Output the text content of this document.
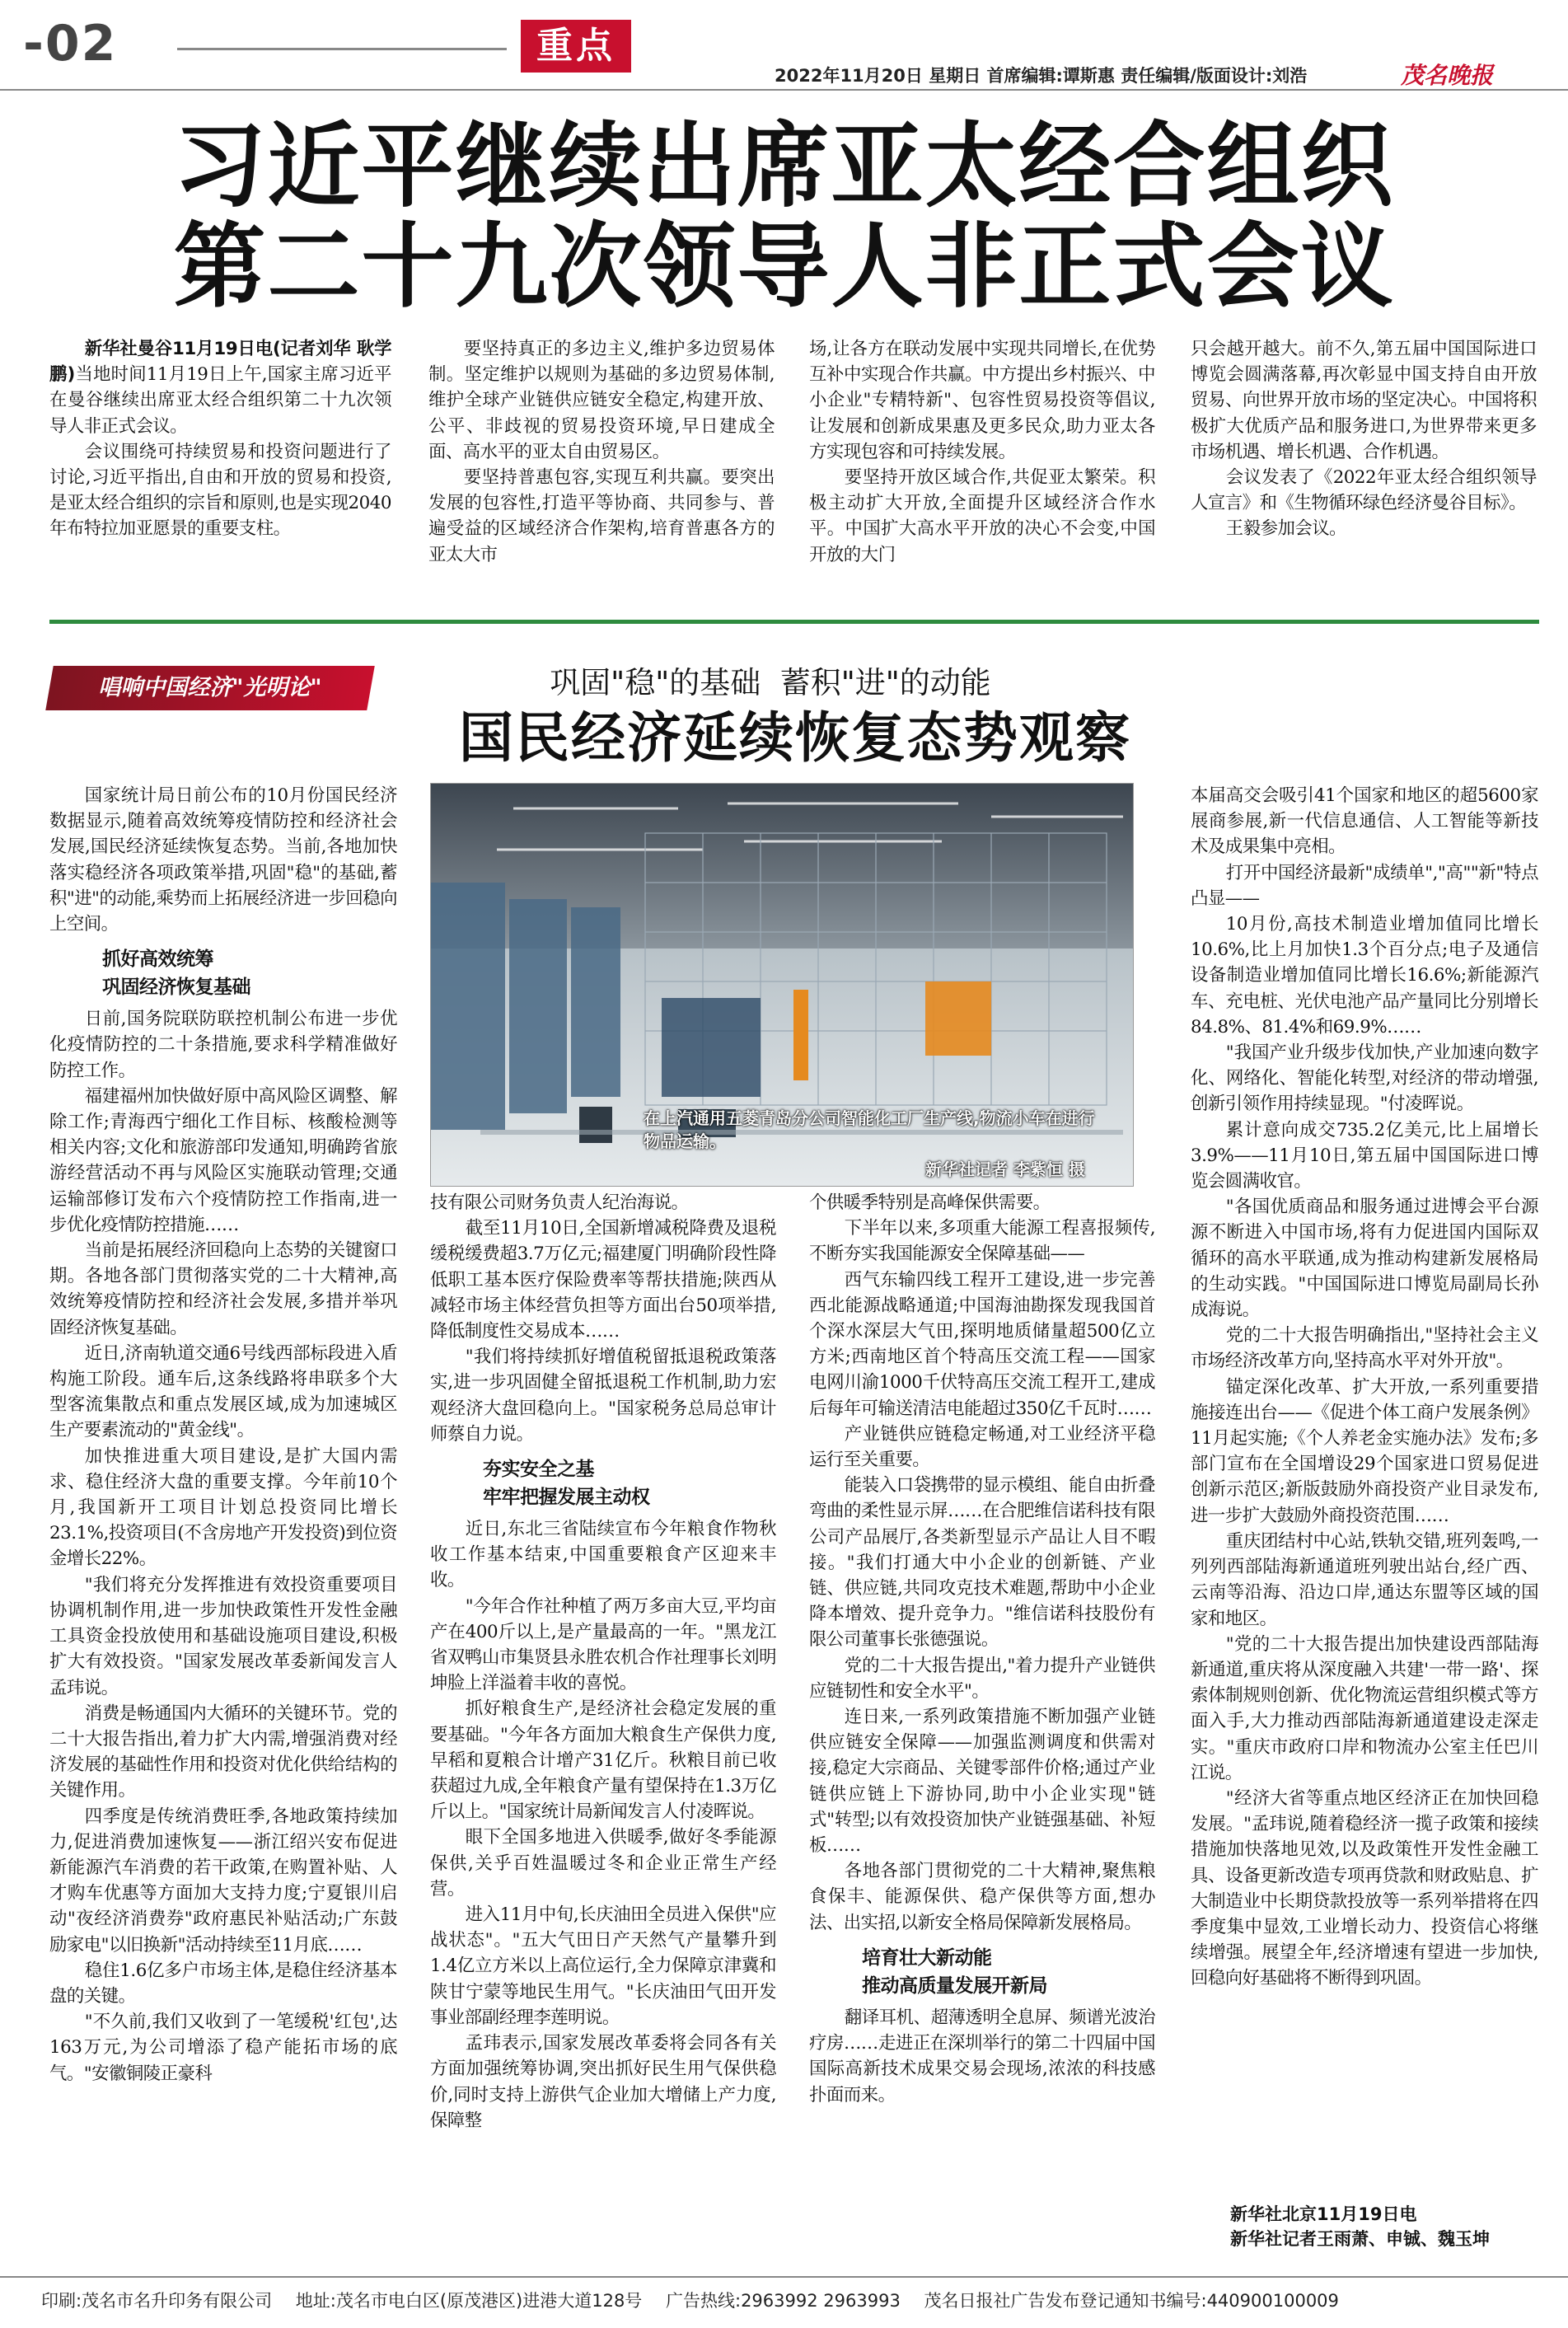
-02	重点
2022年11月20日 星期日 首席编辑:谭斯惠 责任编辑/版面设计:刘浩	茂名晚报
习近平继续出席亚太经合组织
第二十九次领导人非正式会议

新华社曼谷11月19日电(记者刘华 耿学鹏)当地时间11月19日上午,国家主席习近平在曼谷继续出席亚太经合组织第二十九次领导人非正式会议。

会议围绕可持续贸易和投资问题进行了讨论,习近平指出,自由和开放的贸易和投资,是亚太经合组织的宗旨和原则,也是实现2040年布特拉加亚愿景的重要支柱。

要坚持真正的多边主义,维护多边贸易体制。坚定维护以规则为基础的多边贸易体制,维护全球产业链供应链安全稳定,构建开放、公平、非歧视的贸易投资环境,早日建成全面、高水平的亚太自由贸易区。

要坚持普惠包容,实现互利共赢。要突出发展的包容性,打造平等协商、共同参与、普遍受益的区域经济合作架构,培育普惠各方的亚太大市

场,让各方在联动发展中实现共同增长,在优势互补中实现合作共赢。中方提出乡村振兴、中小企业"专精特新"、包容性贸易投资等倡议,让发展和创新成果惠及更多民众,助力亚太各方实现包容和可持续发展。

要坚持开放区域合作,共促亚太繁荣。积极主动扩大开放,全面提升区域经济合作水平。中国扩大高水平开放的决心不会变,中国开放的大门

只会越开越大。前不久,第五届中国国际进口博览会圆满落幕,再次彰显中国支持自由开放贸易、向世界开放市场的坚定决心。中国将积极扩大优质产品和服务进口,为世界带来更多市场机遇、增长机遇、合作机遇。

会议发表了《2022年亚太经合组织领导人宣言》和《生物循环绿色经济曼谷目标》。

王毅参加会议。

唱响中国经济"光明论"	巩固"稳"的基础  蓄积"进"的动能
国民经济延续恢复态势观察
在上汽通用五菱青岛分公司智能化工厂生产线,物流小车在进行物品运输。
新华社记者 李紫恒 摄

国家统计局日前公布的10月份国民经济数据显示,随着高效统筹疫情防控和经济社会发展,国民经济延续恢复态势。当前,各地加快落实稳经济各项政策举措,巩固"稳"的基础,蓄积"进"的动能,乘势而上拓展经济进一步回稳向上空间。

抓好高效统筹
巩固经济恢复基础

日前,国务院联防联控机制公布进一步优化疫情防控的二十条措施,要求科学精准做好防控工作。

福建福州加快做好原中高风险区调整、解除工作;青海西宁细化工作目标、核酸检测等相关内容;文化和旅游部印发通知,明确跨省旅游经营活动不再与风险区实施联动管理;交通运输部修订发布六个疫情防控工作指南,进一步优化疫情防控措施……

当前是拓展经济回稳向上态势的关键窗口期。各地各部门贯彻落实党的二十大精神,高效统筹疫情防控和经济社会发展,多措并举巩固经济恢复基础。

近日,济南轨道交通6号线西部标段进入盾构施工阶段。通车后,这条线路将串联多个大型客流集散点和重点发展区域,成为加速城区生产要素流动的"黄金线"。

加快推进重大项目建设,是扩大国内需求、稳住经济大盘的重要支撑。今年前10个月,我国新开工项目计划总投资同比增长23.1%,投资项目(不含房地产开发投资)到位资金增长22%。

"我们将充分发挥推进有效投资重要项目协调机制作用,进一步加快政策性开发性金融工具资金投放使用和基础设施项目建设,积极扩大有效投资。"国家发展改革委新闻发言人孟玮说。

消费是畅通国内大循环的关键环节。党的二十大报告指出,着力扩大内需,增强消费对经济发展的基础性作用和投资对优化供给结构的关键作用。

四季度是传统消费旺季,各地政策持续加力,促进消费加速恢复——浙江绍兴安布促进新能源汽车消费的若干政策,在购置补贴、人才购车优惠等方面加大支持力度;宁夏银川启动"夜经济消费券"政府惠民补贴活动;广东鼓励家电"以旧换新"活动持续至11月底……

稳住1.6亿多户市场主体,是稳住经济基本盘的关键。

"不久前,我们又收到了一笔缓税'红包',达163万元,为公司增添了稳产能拓市场的底气。"安徽铜陵正豪科

技有限公司财务负责人纪治海说。

截至11月10日,全国新增减税降费及退税缓税缓费超3.7万亿元;福建厦门明确阶段性降低职工基本医疗保险费率等帮扶措施;陕西从减轻市场主体经营负担等方面出台50项举措,降低制度性交易成本……

"我们将持续抓好增值税留抵退税政策落实,进一步巩固健全留抵退税工作机制,助力宏观经济大盘回稳向上。"国家税务总局总审计师蔡自力说。

夯实安全之基
牢牢把握发展主动权

近日,东北三省陆续宣布今年粮食作物秋收工作基本结束,中国重要粮食产区迎来丰收。

"今年合作社种植了两万多亩大豆,平均亩产在400斤以上,是产量最高的一年。"黑龙江省双鸭山市集贤县永胜农机合作社理事长刘明坤脸上洋溢着丰收的喜悦。

抓好粮食生产,是经济社会稳定发展的重要基础。"今年各方面加大粮食生产保供力度,早稻和夏粮合计增产31亿斤。秋粮目前已收获超过九成,全年粮食产量有望保持在1.3万亿斤以上。"国家统计局新闻发言人付凌晖说。

眼下全国多地进入供暖季,做好冬季能源保供,关乎百姓温暖过冬和企业正常生产经营。

进入11月中旬,长庆油田全员进入保供"应战状态"。"五大气田日产天然气产量攀升到1.4亿立方米以上高位运行,全力保障京津冀和陕甘宁蒙等地民生用气。"长庆油田气田开发事业部副经理李莲明说。

孟玮表示,国家发展改革委将会同各有关方面加强统筹协调,突出抓好民生用气保供稳价,同时支持上游供气企业加大增储上产力度,保障整

个供暖季特别是高峰保供需要。

下半年以来,多项重大能源工程喜报频传,不断夯实我国能源安全保障基础——

西气东输四线工程开工建设,进一步完善西北能源战略通道;中国海油勘探发现我国首个深水深层大气田,探明地质储量超500亿立方米;西南地区首个特高压交流工程——国家电网川渝1000千伏特高压交流工程开工,建成后每年可输送清洁电能超过350亿千瓦时……

产业链供应链稳定畅通,对工业经济平稳运行至关重要。

能装入口袋携带的显示模组、能自由折叠弯曲的柔性显示屏……在合肥维信诺科技有限公司产品展厅,各类新型显示产品让人目不暇接。"我们打通大中小企业的创新链、产业链、供应链,共同攻克技术难题,帮助中小企业降本增效、提升竞争力。"维信诺科技股份有限公司董事长张德强说。

党的二十大报告提出,"着力提升产业链供应链韧性和安全水平"。

连日来,一系列政策措施不断加强产业链供应链安全保障——加强监测调度和供需对接,稳定大宗商品、关键零部件价格;通过产业链供应链上下游协同,助中小企业实现"链式"转型;以有效投资加快产业链强基础、补短板……

各地各部门贯彻党的二十大精神,聚焦粮食保丰、能源保供、稳产保供等方面,想办法、出实招,以新安全格局保障新发展格局。

培育壮大新动能
推动高质量发展开新局

翻译耳机、超薄透明全息屏、频谱光波治疗房……走进正在深圳举行的第二十四届中国国际高新技术成果交易会现场,浓浓的科技感扑面而来。

本届高交会吸引41个国家和地区的超5600家展商参展,新一代信息通信、人工智能等新技术及成果集中亮相。

打开中国经济最新"成绩单","高""新"特点凸显——

10月份,高技术制造业增加值同比增长10.6%,比上月加快1.3个百分点;电子及通信设备制造业增加值同比增长16.6%;新能源汽车、充电桩、光伏电池产品产量同比分别增长84.8%、81.4%和69.9%……

"我国产业升级步伐加快,产业加速向数字化、网络化、智能化转型,对经济的带动增强,创新引领作用持续显现。"付凌晖说。

累计意向成交735.2亿美元,比上届增长3.9%——11月10日,第五届中国国际进口博览会圆满收官。

"各国优质商品和服务通过进博会平台源源不断进入中国市场,将有力促进国内国际双循环的高水平联通,成为推动构建新发展格局的生动实践。"中国国际进口博览局副局长孙成海说。

党的二十大报告明确指出,"坚持社会主义市场经济改革方向,坚持高水平对外开放"。

锚定深化改革、扩大开放,一系列重要措施接连出台——《促进个体工商户发展条例》11月起实施;《个人养老金实施办法》发布;多部门宣布在全国增设29个国家进口贸易促进创新示范区;新版鼓励外商投资产业目录发布,进一步扩大鼓励外商投资范围……

重庆团结村中心站,铁轨交错,班列轰鸣,一列列西部陆海新通道班列驶出站台,经广西、云南等沿海、沿边口岸,通达东盟等区域的国家和地区。

"党的二十大报告提出加快建设西部陆海新通道,重庆将从深度融入共建'一带一路'、探索体制规则创新、优化物流运营组织模式等方面入手,大力推动西部陆海新通道建设走深走实。"重庆市政府口岸和物流办公室主任巴川江说。

"经济大省等重点地区经济正在加快回稳发展。"孟玮说,随着稳经济一揽子政策和接续措施加快落地见效,以及政策性开发性金融工具、设备更新改造专项再贷款和财政贴息、扩大制造业中长期贷款投放等一系列举措将在四季度集中显效,工业增长动力、投资信心将继续增强。展望全年,经济增速有望进一步加快,回稳向好基础将不断得到巩固。

新华社北京11月19日电
新华社记者王雨萧、申铖、魏玉坤
印刷:茂名市名升印务有限公司 地址:茂名市电白区(原茂港区)进港大道128号 广告热线:2963992 2963993 茂名日报社广告发布登记通知书编号:440900100009
